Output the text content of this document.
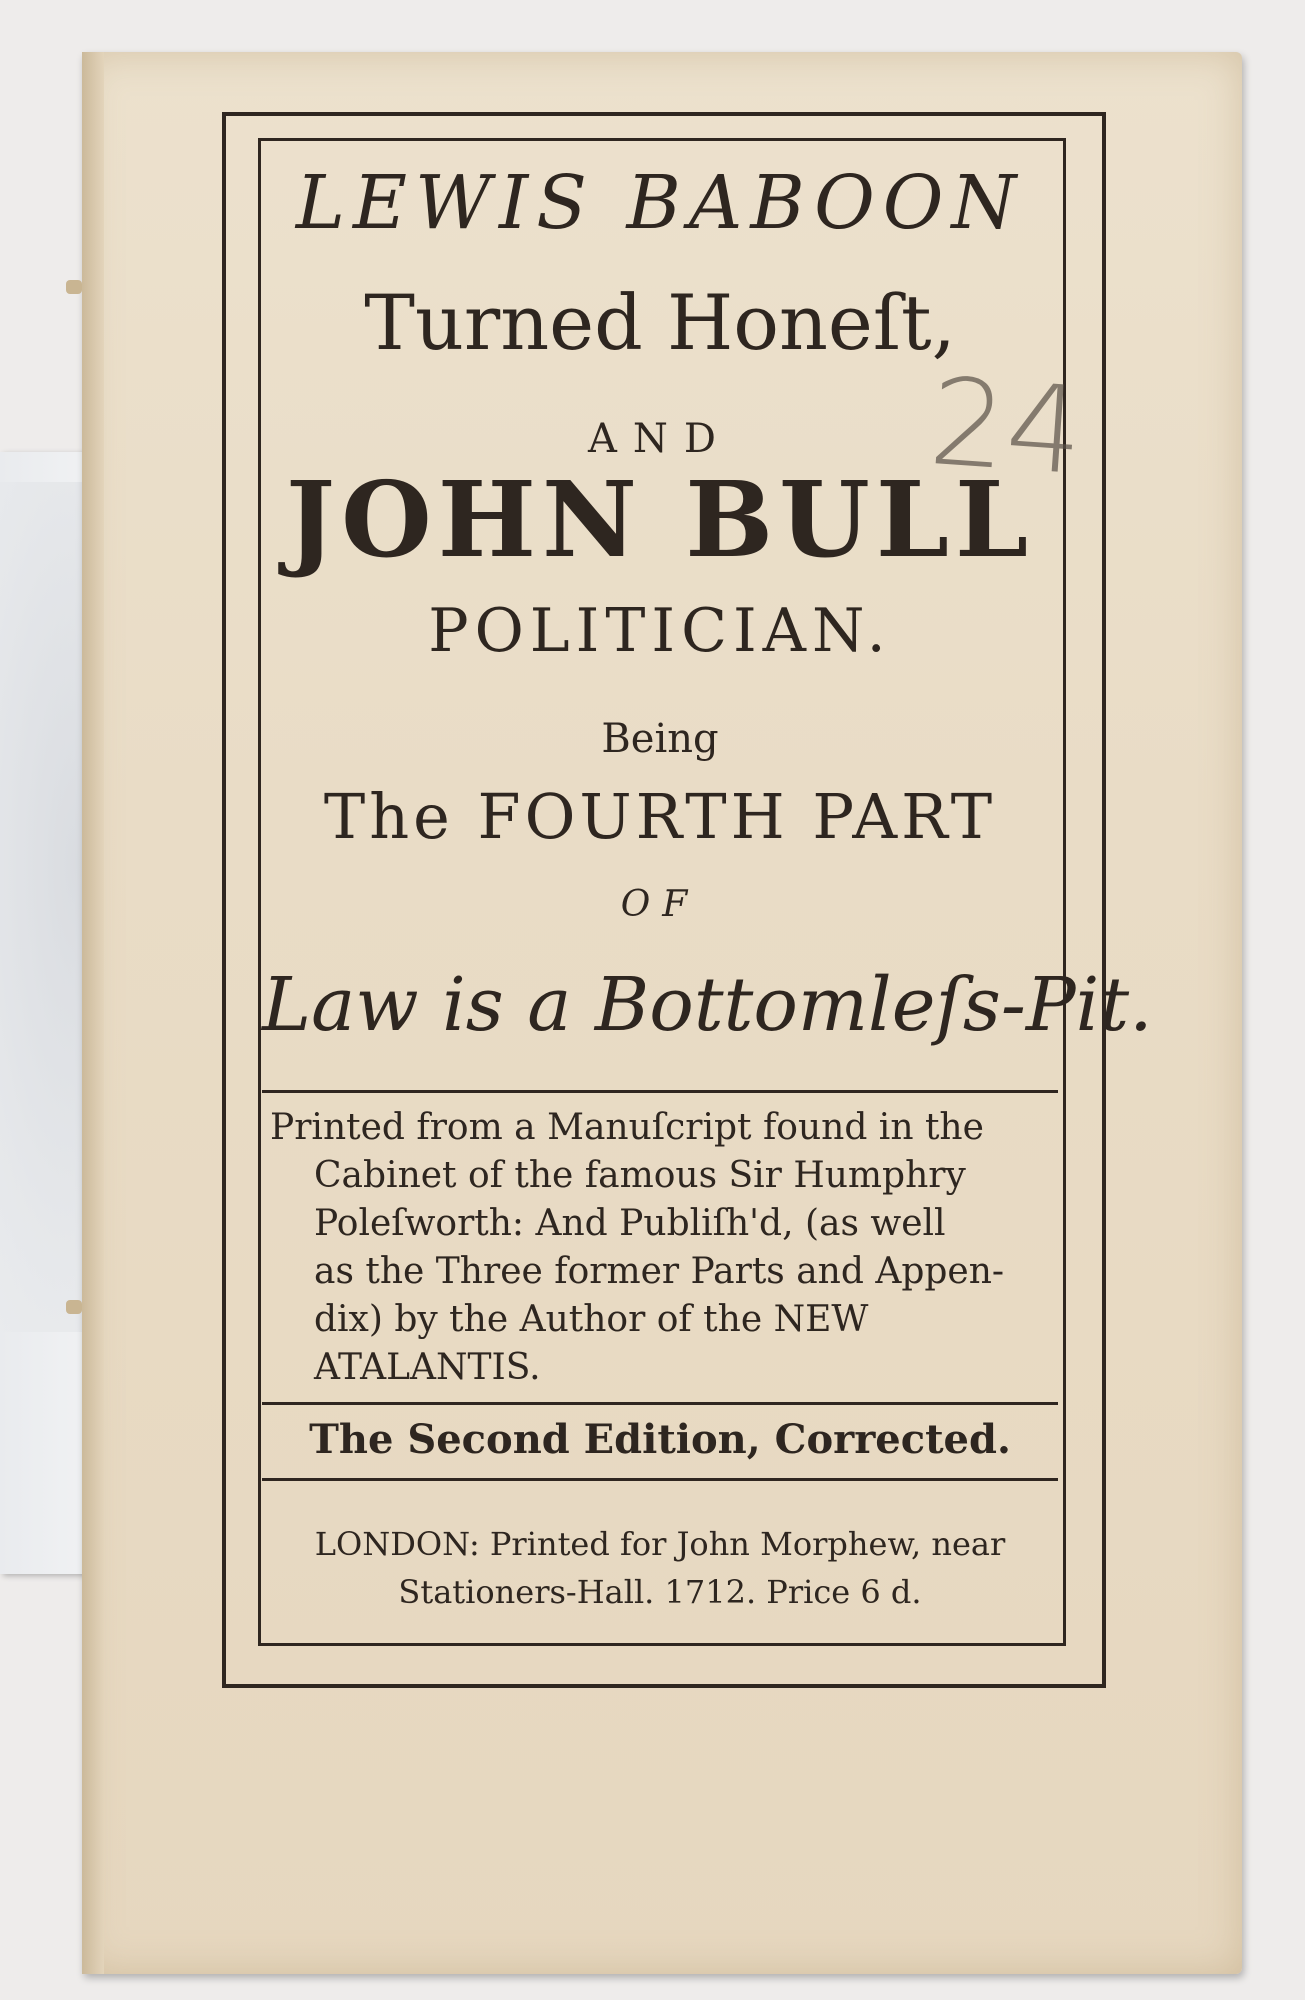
24
LEWIS BABOON
Turned Honeſt,
AND
JOHN BULL
POLITICIAN.
Being
The FOURTH PART
OF
Law is a Bottomleſs-Pit.
Printed from a Manuſcript found in the
Cabinet of the famous Sir Humphry
Poleſworth: And Publiſh'd, (as well
as the Three former Parts and Appen-
dix) by the Author of the NEW
ATALANTIS.
The Second Edition, Corrected.
LONDON: Printed for John Morphew, near
Stationers-Hall. 1712. Price 6 d.
